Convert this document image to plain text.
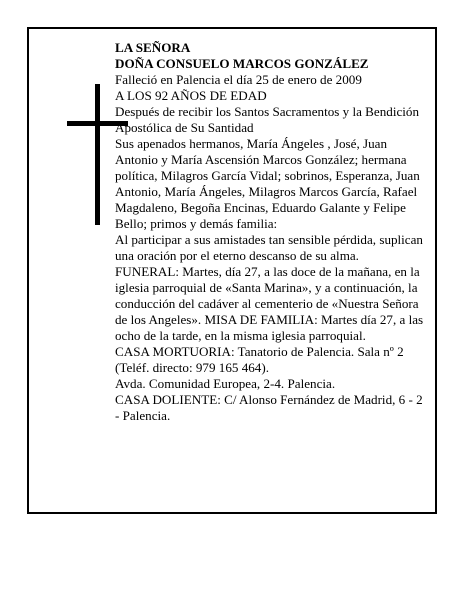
LA SEÑORA

DOÑA CONSUELO MARCOS GONZÁLEZ

Falleció en Palencia el día 25 de enero de 2009

A LOS 92 AÑOS DE EDAD

Después de recibir los Santos Sacramentos y la Bendición Apostólica de Su Santidad

Sus apenados hermanos, María Ángeles , José, Juan Antonio y María Ascensión Marcos González; hermana política, Milagros García Vidal; sobrinos, Esperanza, Juan Antonio, María Ángeles, Milagros Marcos García, Rafael Magdaleno, Begoña Encinas, Eduardo Galante y Felipe Bello; primos y demás familia:

Al participar a sus amistades tan sensible pérdida, suplican una oración por el eterno descanso de su alma.

FUNERAL: Martes, día 27, a las doce de la mañana, en la iglesia parroquial de «Santa Marina», y a continuación, la conducción del cadáver al cementerio de «Nuestra Señora de los Angeles». MISA DE FAMILIA: Martes día 27, a las ocho de la tarde, en la misma iglesia parroquial.

CASA MORTUORIA: Tanatorio de Palencia. Sala nº 2 (Teléf. directo: 979 165 464).

Avda. Comunidad Europea, 2-4. Palencia.

CASA DOLIENTE: C/ Alonso Fernández de Madrid, 6 - 2 - Palencia.
